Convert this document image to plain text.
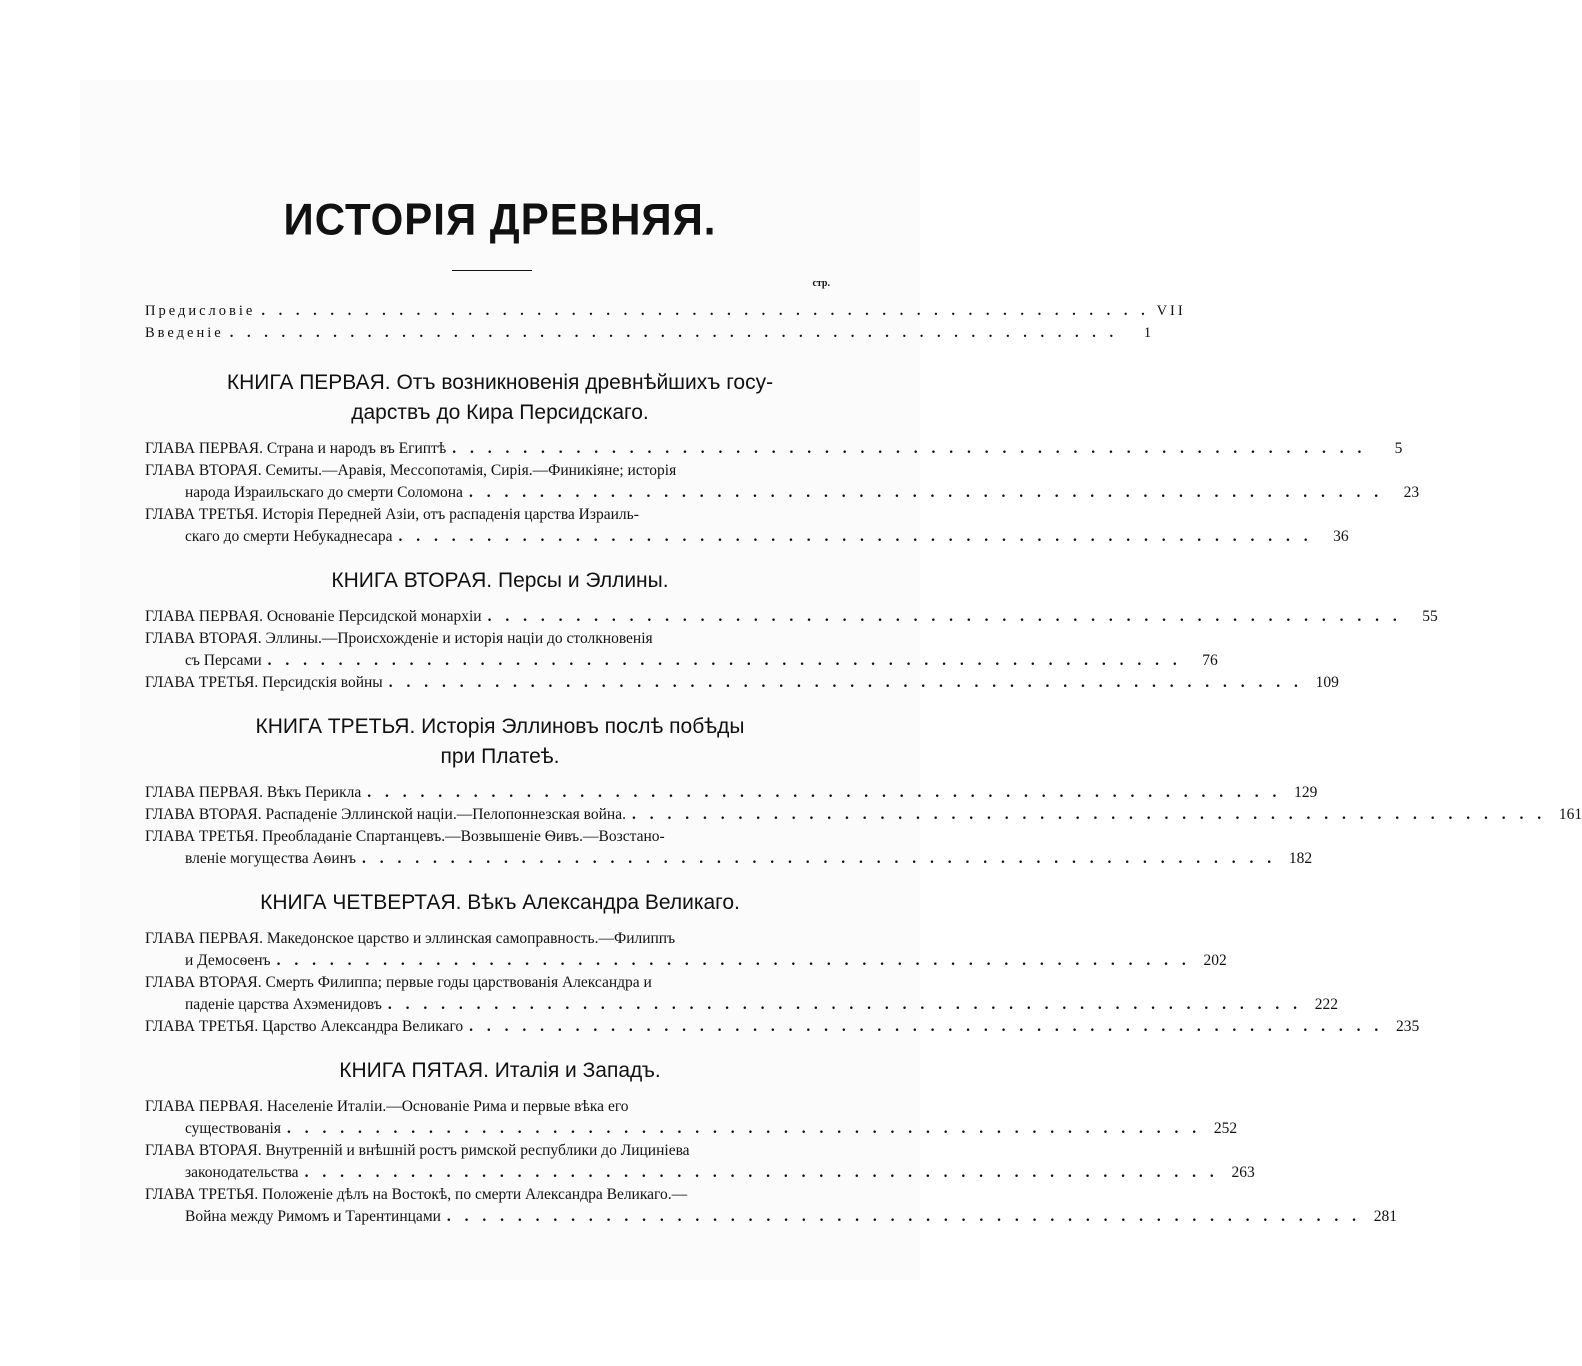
ИСТОРIЯ ДРЕВНЯЯ.
стр.
Предисловiе . . . . . . . . . . . . . . . . . . . . . . . . . . . . . . . . . . . . . . . . . . . . . . . . . . . . VII
Введенiе . . . . . . . . . . . . . . . . . . . . . . . . . . . . . . . . . . . . . . . . . . . . . . . . . . . .	1
КНИГА ПЕРВАЯ. Отъ возникновенiя древнѣйшихъ госу-
дарствъ до Кира Персидскаго.
ГЛАВА ПЕРВАЯ. Страна и народъ въ Египтѣ . . . . . . . . . . . . . . . . . . . . . . . . . . . . . . . . . . . . . . . . . . . . . . . . . . . .	5
ГЛАВА ВТОРАЯ. Семиты.—Аравiя, Мессопотамiя, Сирiя.—Финикiяне; исторiя
народа Израильскаго до смерти Соломона . . . . . . . . . . . . . . . . . . . . . . . . . . . . . . . . . . . . . . . . . . . . . . . . . . . .	23
ГЛАВА ТРЕТЬЯ. Исторiя Передней Азiи, отъ распаденiя царства Израиль-
скаго до смерти Небукаднесара . . . . . . . . . . . . . . . . . . . . . . . . . . . . . . . . . . . . . . . . . . . . . . . . . . . .	36
КНИГА ВТОРАЯ. Персы и Эллины.
ГЛАВА ПЕРВАЯ. Основанiе Персидской монархiи . . . . . . . . . . . . . . . . . . . . . . . . . . . . . . . . . . . . . . . . . . . . . . . . . . . .	55
ГЛАВА ВТОРАЯ. Эллины.—Происхожденiе и исторiя нацiи до столкновенiя
съ Персами . . . . . . . . . . . . . . . . . . . . . . . . . . . . . . . . . . . . . . . . . . . . . . . . . . . .	76
ГЛАВА ТРЕТЬЯ. Персидскiя войны . . . . . . . . . . . . . . . . . . . . . . . . . . . . . . . . . . . . . . . . . . . . . . . . . . . . 109
КНИГА ТРЕТЬЯ. Исторiя Эллиновъ послѣ побѣды
при Платеѣ.
ГЛАВА ПЕРВАЯ. Вѣкъ Перикла . . . . . . . . . . . . . . . . . . . . . . . . . . . . . . . . . . . . . . . . . . . . . . . . . . . . 129
ГЛАВА ВТОРАЯ. Распаденiе Эллинской нацiи.—Пелопоннезская война. . . . . . . . . . . . . . . . . . . . . . . . . . . . . . . . . . . . . . . . . . . . . . . . . . . . . 161
ГЛАВА ТРЕТЬЯ. Преобладанiе Спартанцевъ.—Возвышенiе Ѳивъ.—Возстано-
вленiе могущества Аѳинъ . . . . . . . . . . . . . . . . . . . . . . . . . . . . . . . . . . . . . . . . . . . . . . . . . . . . 182
КНИГА ЧЕТВЕРТАЯ. Вѣкъ Александра Великаго.
ГЛАВА ПЕРВАЯ. Македонское царство и эллинская самоправность.—Филиппъ
и Демосѳенъ . . . . . . . . . . . . . . . . . . . . . . . . . . . . . . . . . . . . . . . . . . . . . . . . . . . . 202
ГЛАВА ВТОРАЯ. Смерть Филиппа; первые годы царствованiя Александра и
паденiе царства Ахэменидовъ . . . . . . . . . . . . . . . . . . . . . . . . . . . . . . . . . . . . . . . . . . . . . . . . . . . . 222
ГЛАВА ТРЕТЬЯ. Царство Александра Великаго . . . . . . . . . . . . . . . . . . . . . . . . . . . . . . . . . . . . . . . . . . . . . . . . . . . . 235
КНИГА ПЯТАЯ. Италiя и Западъ.
ГЛАВА ПЕРВАЯ. Населенiе Италiи.—Основанiе Рима и первые вѣка его
существованiя . . . . . . . . . . . . . . . . . . . . . . . . . . . . . . . . . . . . . . . . . . . . . . . . . . . . 252
ГЛАВА ВТОРАЯ. Внутреннiй и внѣшнiй ростъ римской республики до Лицинiева
законодательства . . . . . . . . . . . . . . . . . . . . . . . . . . . . . . . . . . . . . . . . . . . . . . . . . . . . 263
ГЛАВА ТРЕТЬЯ. Положенiе дѣлъ на Востокѣ, по смерти Александра Великаго.—
Война между Римомъ и Тарентинцами . . . . . . . . . . . . . . . . . . . . . . . . . . . . . . . . . . . . . . . . . . . . . . . . . . . . 281
